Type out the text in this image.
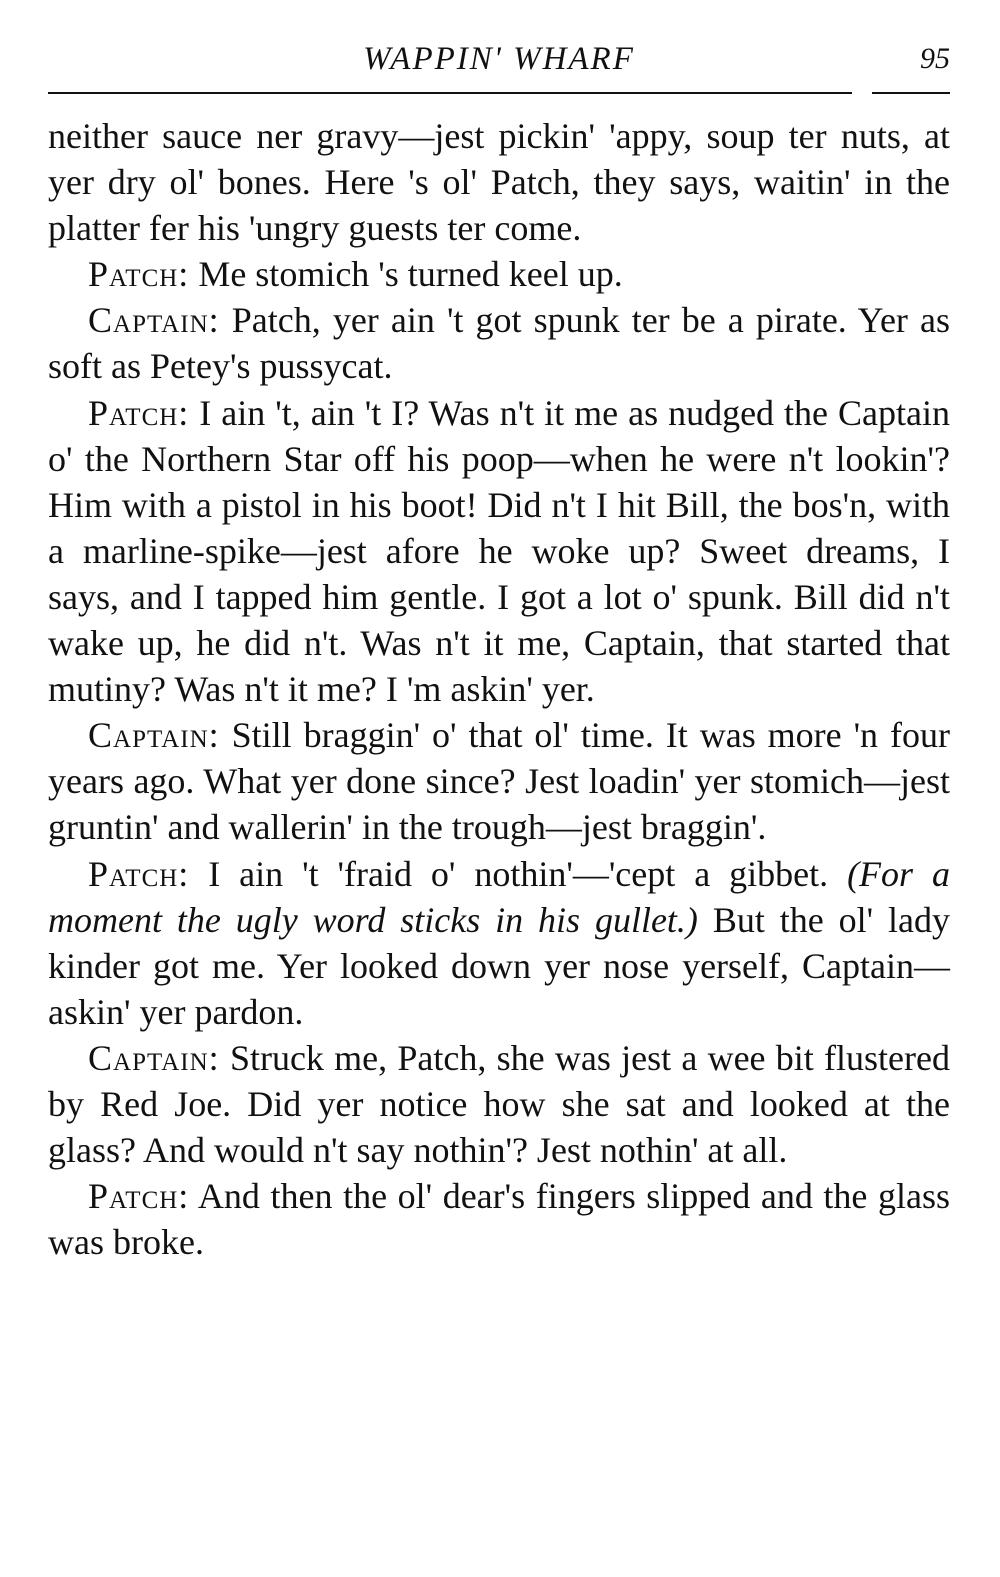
WAPPIN' WHARF	95

neither sauce ner gravy—jest pickin' 'appy, soup ter nuts, at yer dry ol' bones. Here 's ol' Patch, they says, waitin' in the platter fer his 'ungry guests ter come.

Patch: Me stomich 's turned keel up.

Captain: Patch, yer ain 't got spunk ter be a pirate. Yer as soft as Petey's pussycat.

Patch: I ain 't, ain 't I? Was n't it me as nudged the Captain o' the Northern Star off his poop—when he were n't lookin'? Him with a pistol in his boot! Did n't I hit Bill, the bos'n, with a marline-spike—jest afore he woke up? Sweet dreams, I says, and I tapped him gentle. I got a lot o' spunk. Bill did n't wake up, he did n't. Was n't it me, Captain, that started that mutiny? Was n't it me? I 'm askin' yer.

Captain: Still braggin' o' that ol' time. It was more 'n four years ago. What yer done since? Jest loadin' yer stomich—jest gruntin' and wallerin' in the trough—jest braggin'.

Patch: I ain 't 'fraid o' nothin'—'cept a gibbet. (For a moment the ugly word sticks in his gullet.) But the ol' lady kinder got me. Yer looked down yer nose yerself, Captain—askin' yer pardon.

Captain: Struck me, Patch, she was jest a wee bit flustered by Red Joe. Did yer notice how she sat and looked at the glass? And would n't say nothin'? Jest nothin' at all.

Patch: And then the ol' dear's fingers slipped and the glass was broke.
